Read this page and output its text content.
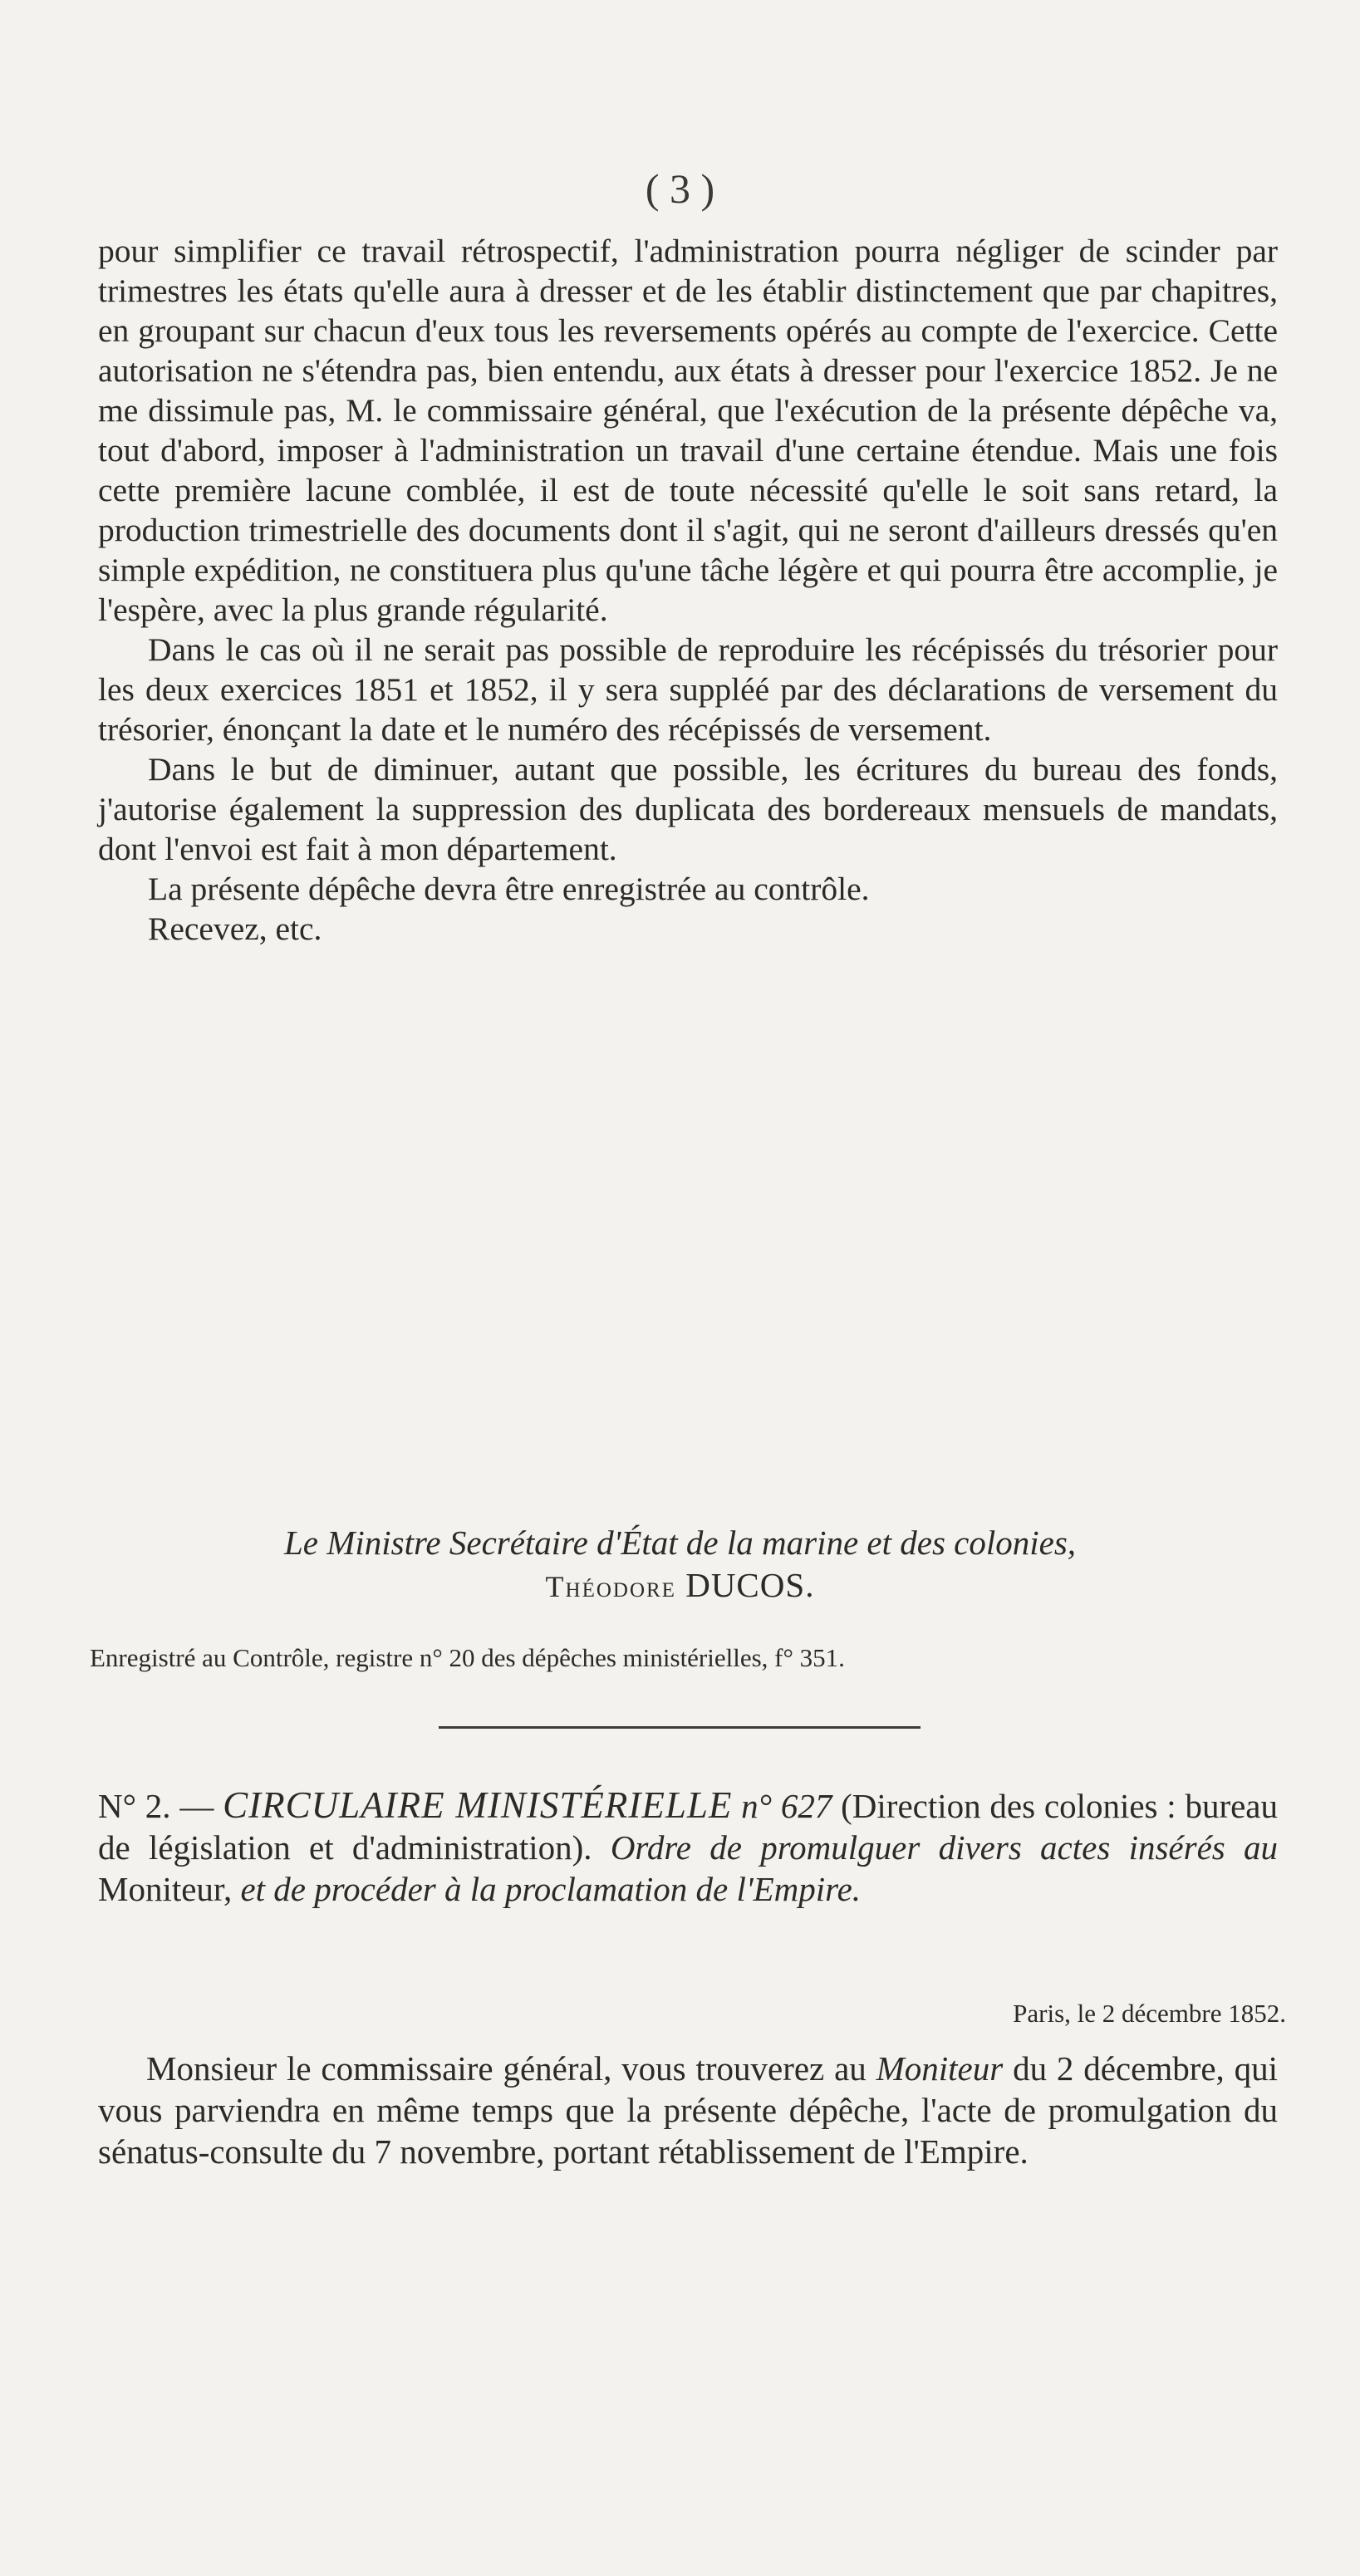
( 3 )

pour simplifier ce travail rétrospectif, l'administration pourra négliger de scinder par trimestres les états qu'elle aura à dresser et de les établir distinctement que par chapitres, en groupant sur chacun d'eux tous les reversements opérés au compte de l'exercice. Cette autorisation ne s'étendra pas, bien entendu, aux états à dresser pour l'exercice 1852. Je ne me dissimule pas, M. le commissaire général, que l'exécution de la présente dépêche va, tout d'abord, imposer à l'administration un travail d'une certaine étendue. Mais une fois cette première lacune comblée, il est de toute nécessité qu'elle le soit sans retard, la production trimestrielle des documents dont il s'agit, qui ne seront d'ailleurs dressés qu'en simple expédition, ne constituera plus qu'une tâche légère et qui pourra être accomplie, je l'espère, avec la plus grande régularité.

Dans le cas où il ne serait pas possible de reproduire les récépissés du trésorier pour les deux exercices 1851 et 1852, il y sera suppléé par des déclarations de versement du trésorier, énonçant la date et le numéro des récépissés de versement.

Dans le but de diminuer, autant que possible, les écritures du bureau des fonds, j'autorise également la suppression des duplicata des bordereaux mensuels de mandats, dont l'envoi est fait à mon département.

La présente dépêche devra être enregistrée au contrôle.

Recevez, etc.

Le Ministre Secrétaire d'État de la marine et des colonies,
Théodore DUCOS.
Enregistré au Contrôle, registre n° 20 des dépêches ministérielles, f° 351.
N° 2. — CIRCULAIRE MINISTÉRIELLE n° 627 (Direction des colonies : bureau de législation et d'administration). Ordre de promulguer divers actes insérés au Moniteur, et de procéder à la proclamation de l'Empire.
Paris, le 2 décembre 1852.

Monsieur le commissaire général, vous trouverez au Moniteur du 2 décembre, qui vous parviendra en même temps que la présente dépêche, l'acte de promulgation du sénatus-consulte du 7 novembre, portant rétablissement de l'Empire.
